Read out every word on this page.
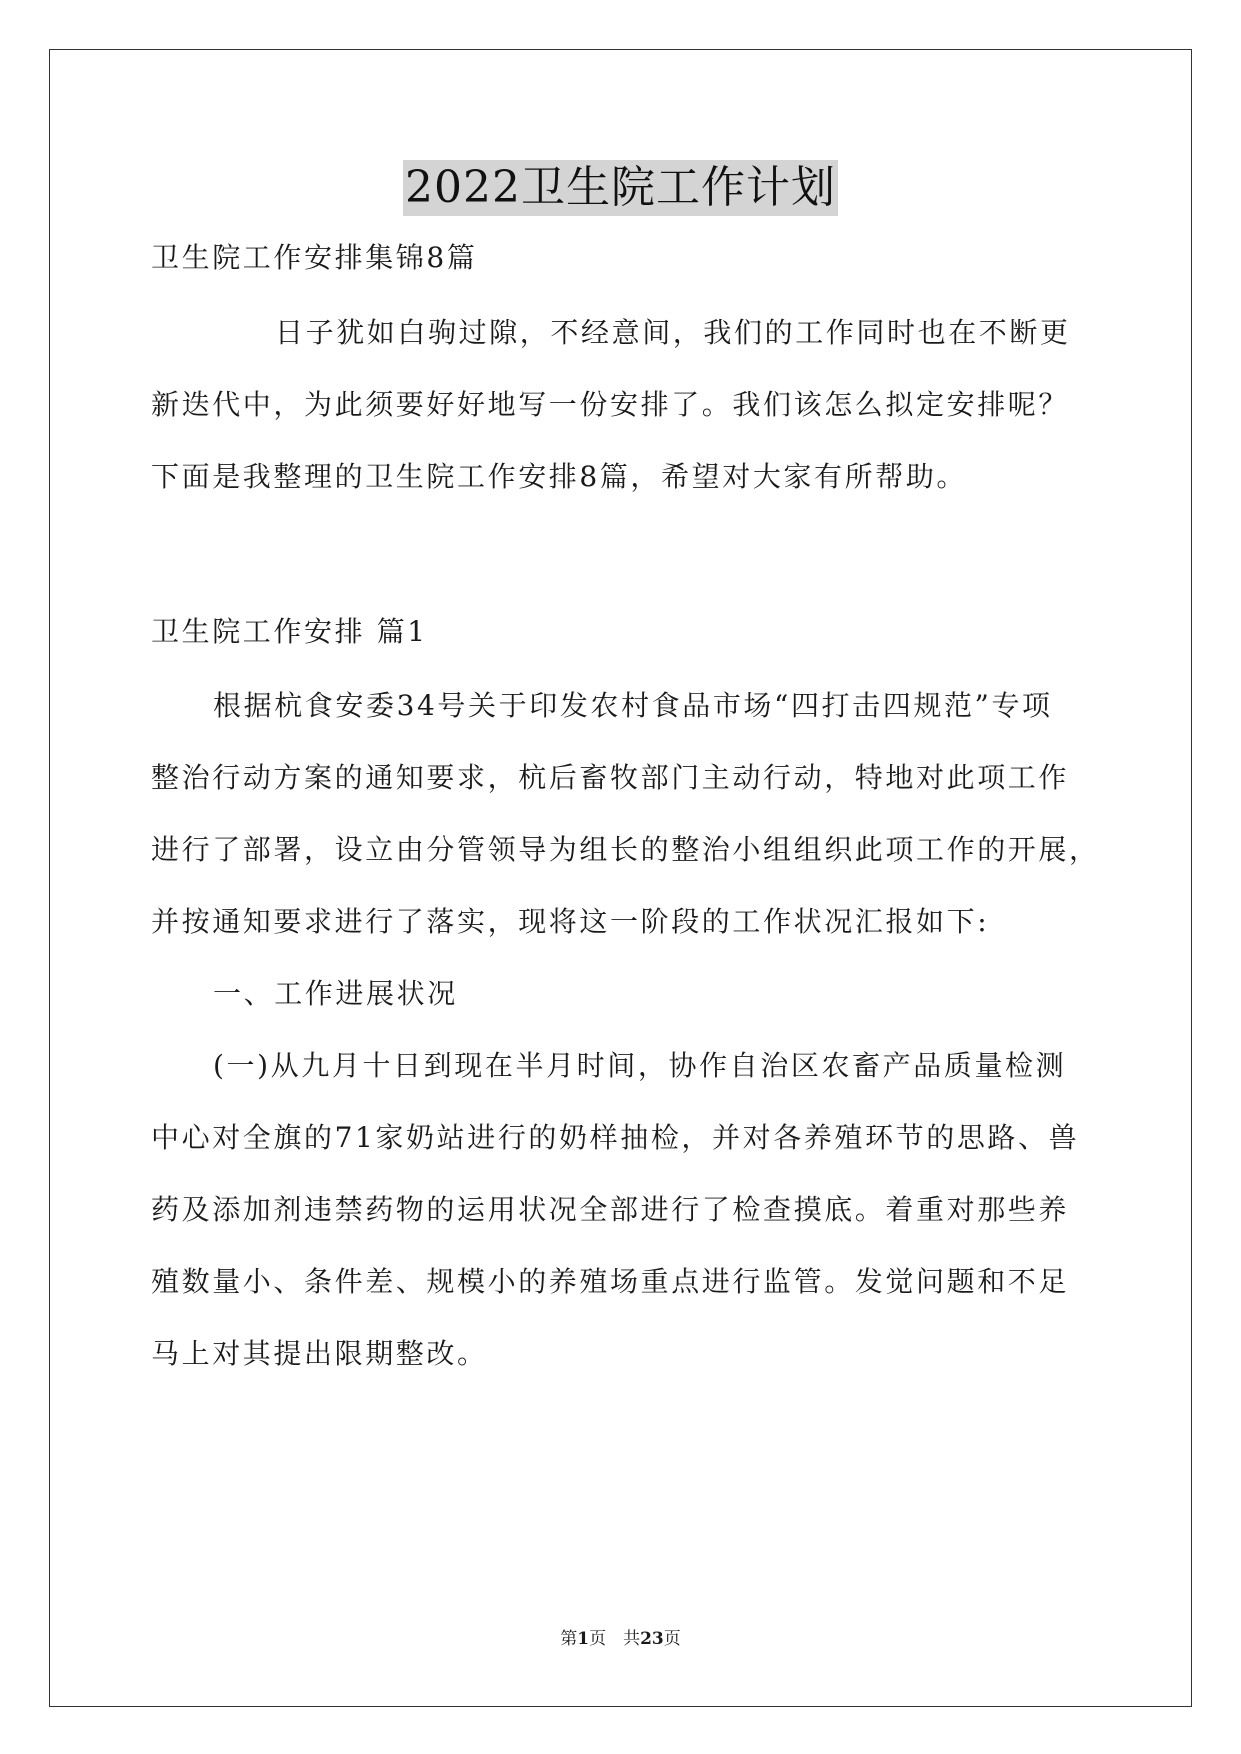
2022卫生院工作计划
卫生院工作安排集锦8篇
日子犹如白驹过隙，不经意间，我们的工作同时也在不断更
新迭代中，为此须要好好地写一份安排了。我们该怎么拟定安排呢？
下面是我整理的卫生院工作安排8篇，希望对大家有所帮助。
卫生院工作安排 篇1
根据杭食安委34号关于印发农村食品市场“四打击四规范”专项
整治行动方案的通知要求，杭后畜牧部门主动行动，特地对此项工作
进行了部署，设立由分管领导为组长的整治小组组织此项工作的开展，
并按通知要求进行了落实，现将这一阶段的工作状况汇报如下:
一、工作进展状况
(一)从九月十日到现在半月时间，协作自治区农畜产品质量检测
中心对全旗的71家奶站进行的奶样抽检，并对各养殖环节的思路、兽
药及添加剂违禁药物的运用状况全部进行了检查摸底。着重对那些养
殖数量小、条件差、规模小的养殖场重点进行监管。发觉问题和不足
马上对其提出限期整改。
第1页　共23页
